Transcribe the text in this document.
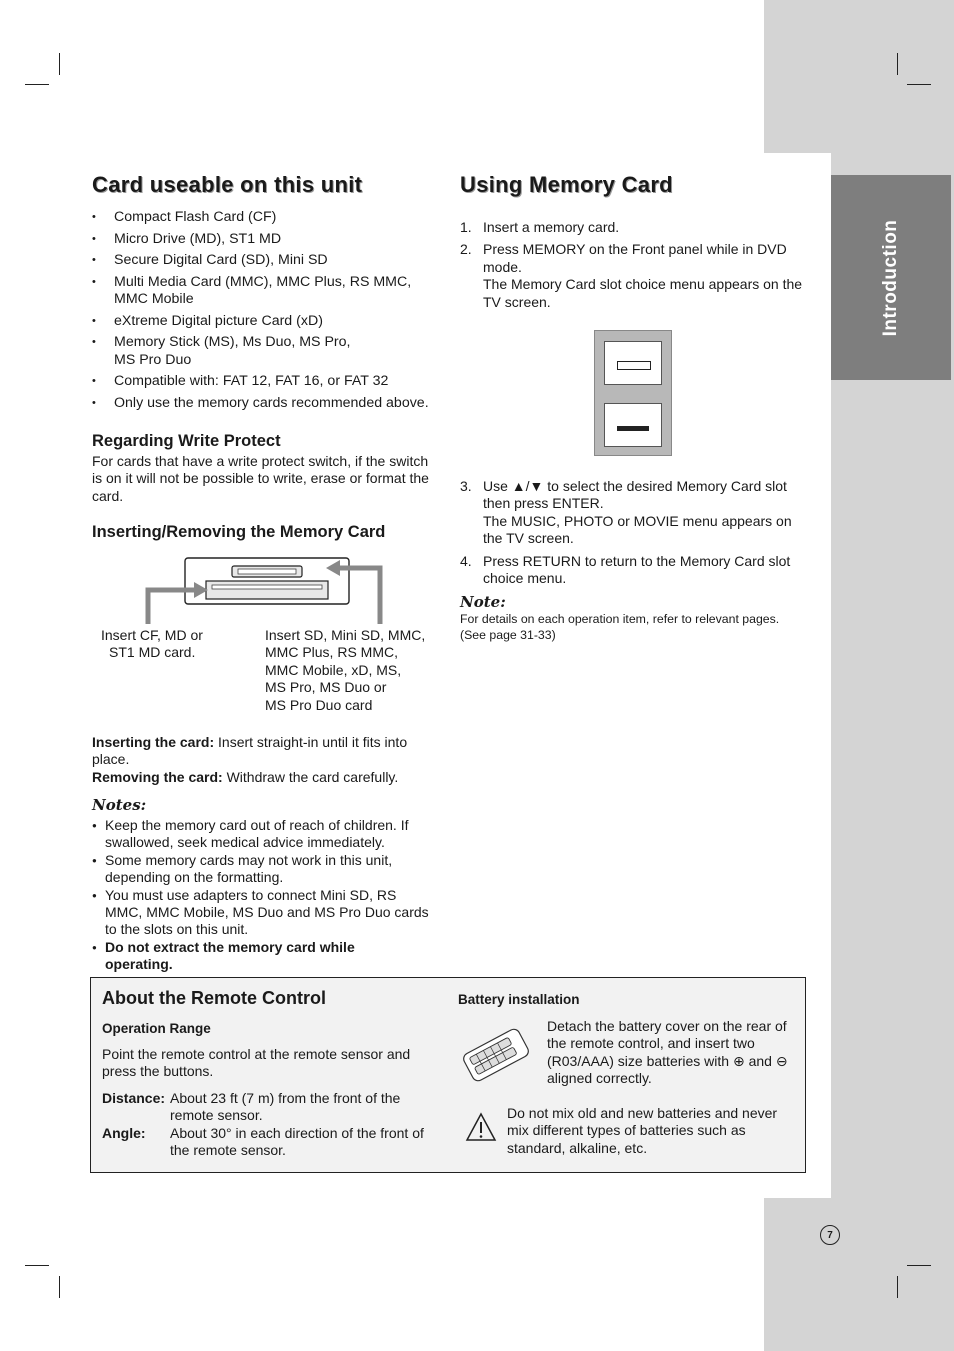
Introduction
Card useable on this unit
• Compact Flash Card (CF)
• Micro Drive (MD), ST1 MD
• Secure Digital Card (SD), Mini SD
• Multi Media Card (MMC), MMC Plus, RS MMC, MMC Mobile
• eXtreme Digital picture Card (xD)
• Memory Stick (MS), Ms Duo, MS Pro, MS Pro Duo
• Compatible with: FAT 12, FAT 16, or FAT 32
• Only use the memory cards recommended above.
Regarding Write Protect

For cards that have a write protect switch, if the switch is on it will not be possible to write, erase or format the card.

Inserting/Removing the Memory Card
Insert CF, MD or
ST1 MD card.
Insert SD, Mini SD, MMC,
MMC Plus, RS MMC,
MMC Mobile, xD, MS,
MS Pro, MS Duo or
MS Pro Duo card

Inserting the card: Insert straight-in until it fits into place.
Removing the card: Withdraw the card carefully.

Notes:
● Keep the memory card out of reach of children. If swallowed, seek medical advice immediately.
● Some memory cards may not work in this unit, depending on the formatting.
● You must use adapters to connect Mini SD, RS MMC, MMC Mobile, MS Duo and MS Pro Duo cards to the slots on this unit.
● Do not extract the memory card while operating.
Using Memory Card
1. Insert a memory card.
2. Press MEMORY on the Front panel while in DVD mode.
The Memory Card slot choice menu appears on the TV screen.
3. Use ▲/▼ to select the desired Memory Card slot then press ENTER.
The MUSIC, PHOTO or MOVIE menu appears on the TV screen.
4. Press RETURN to return to the Memory Card slot choice menu.
Note:

For details on each operation item, refer to relevant pages.(See page 31-33)

About the Remote Control
Operation Range
Point the remote control at the remote sensor and press the buttons.
Distance: About 23 ft (7 m) from the front of the remote sensor.
Angle: About 30° in each direction of the front of the remote sensor.
Battery installation
Detach the battery cover on the rear of the remote control, and insert two (R03/AAA) size batteries with ⊕ and ⊖ aligned correctly.
Do not mix old and new batteries and never mix different types of batteries such as standard, alkaline, etc.
7
